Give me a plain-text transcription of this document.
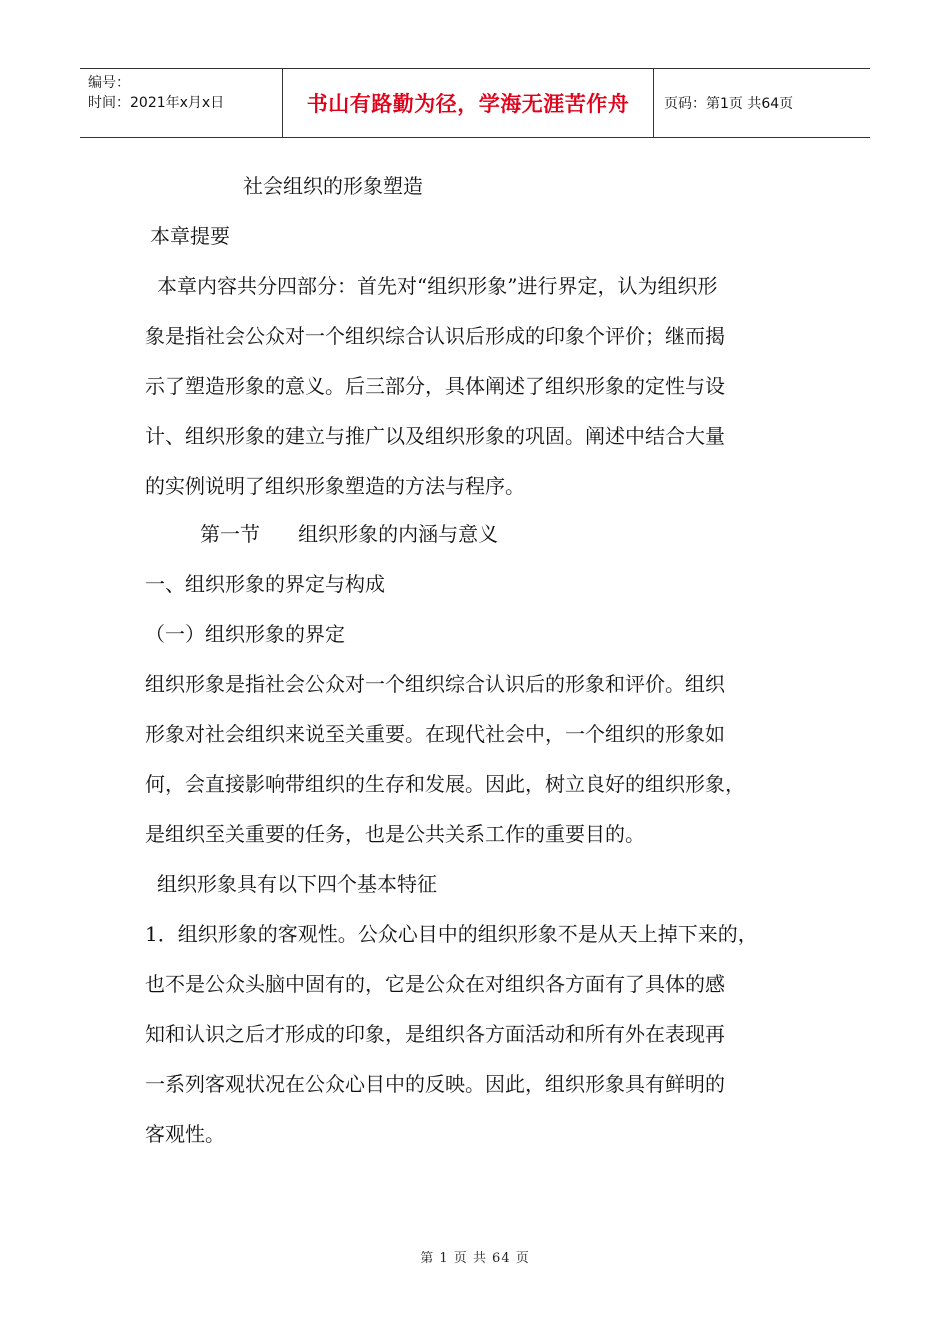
编号：
时间：2021年x月x日	书山有路勤为径，学海无涯苦作舟	页码：第1页 共64页
社会组织的形象塑造
本章提要
本章内容共分四部分：首先对“组织形象”进行界定，认为组织形
象是指社会公众对一个组织综合认识后形成的印象个评价；继而揭
示了塑造形象的意义。后三部分，具体阐述了组织形象的定性与设
计、组织形象的建立与推广以及组织形象的巩固。阐述中结合大量
的实例说明了组织形象塑造的方法与程序。
第一节      组织形象的内涵与意义
一、组织形象的界定与构成
（一）组织形象的界定
组织形象是指社会公众对一个组织综合认识后的形象和评价。组织
形象对社会组织来说至关重要。在现代社会中，一个组织的形象如
何，会直接影响带组织的生存和发展。因此，树立良好的组织形象，
是组织至关重要的任务，也是公共关系工作的重要目的。
组织形象具有以下四个基本特征
1．组织形象的客观性。公众心目中的组织形象不是从天上掉下来的，
也不是公众头脑中固有的，它是公众在对组织各方面有了具体的感
知和认识之后才形成的印象，是组织各方面活动和所有外在表现再
一系列客观状况在公众心目中的反映。因此，组织形象具有鲜明的
客观性。
第 1 页 共 64 页
